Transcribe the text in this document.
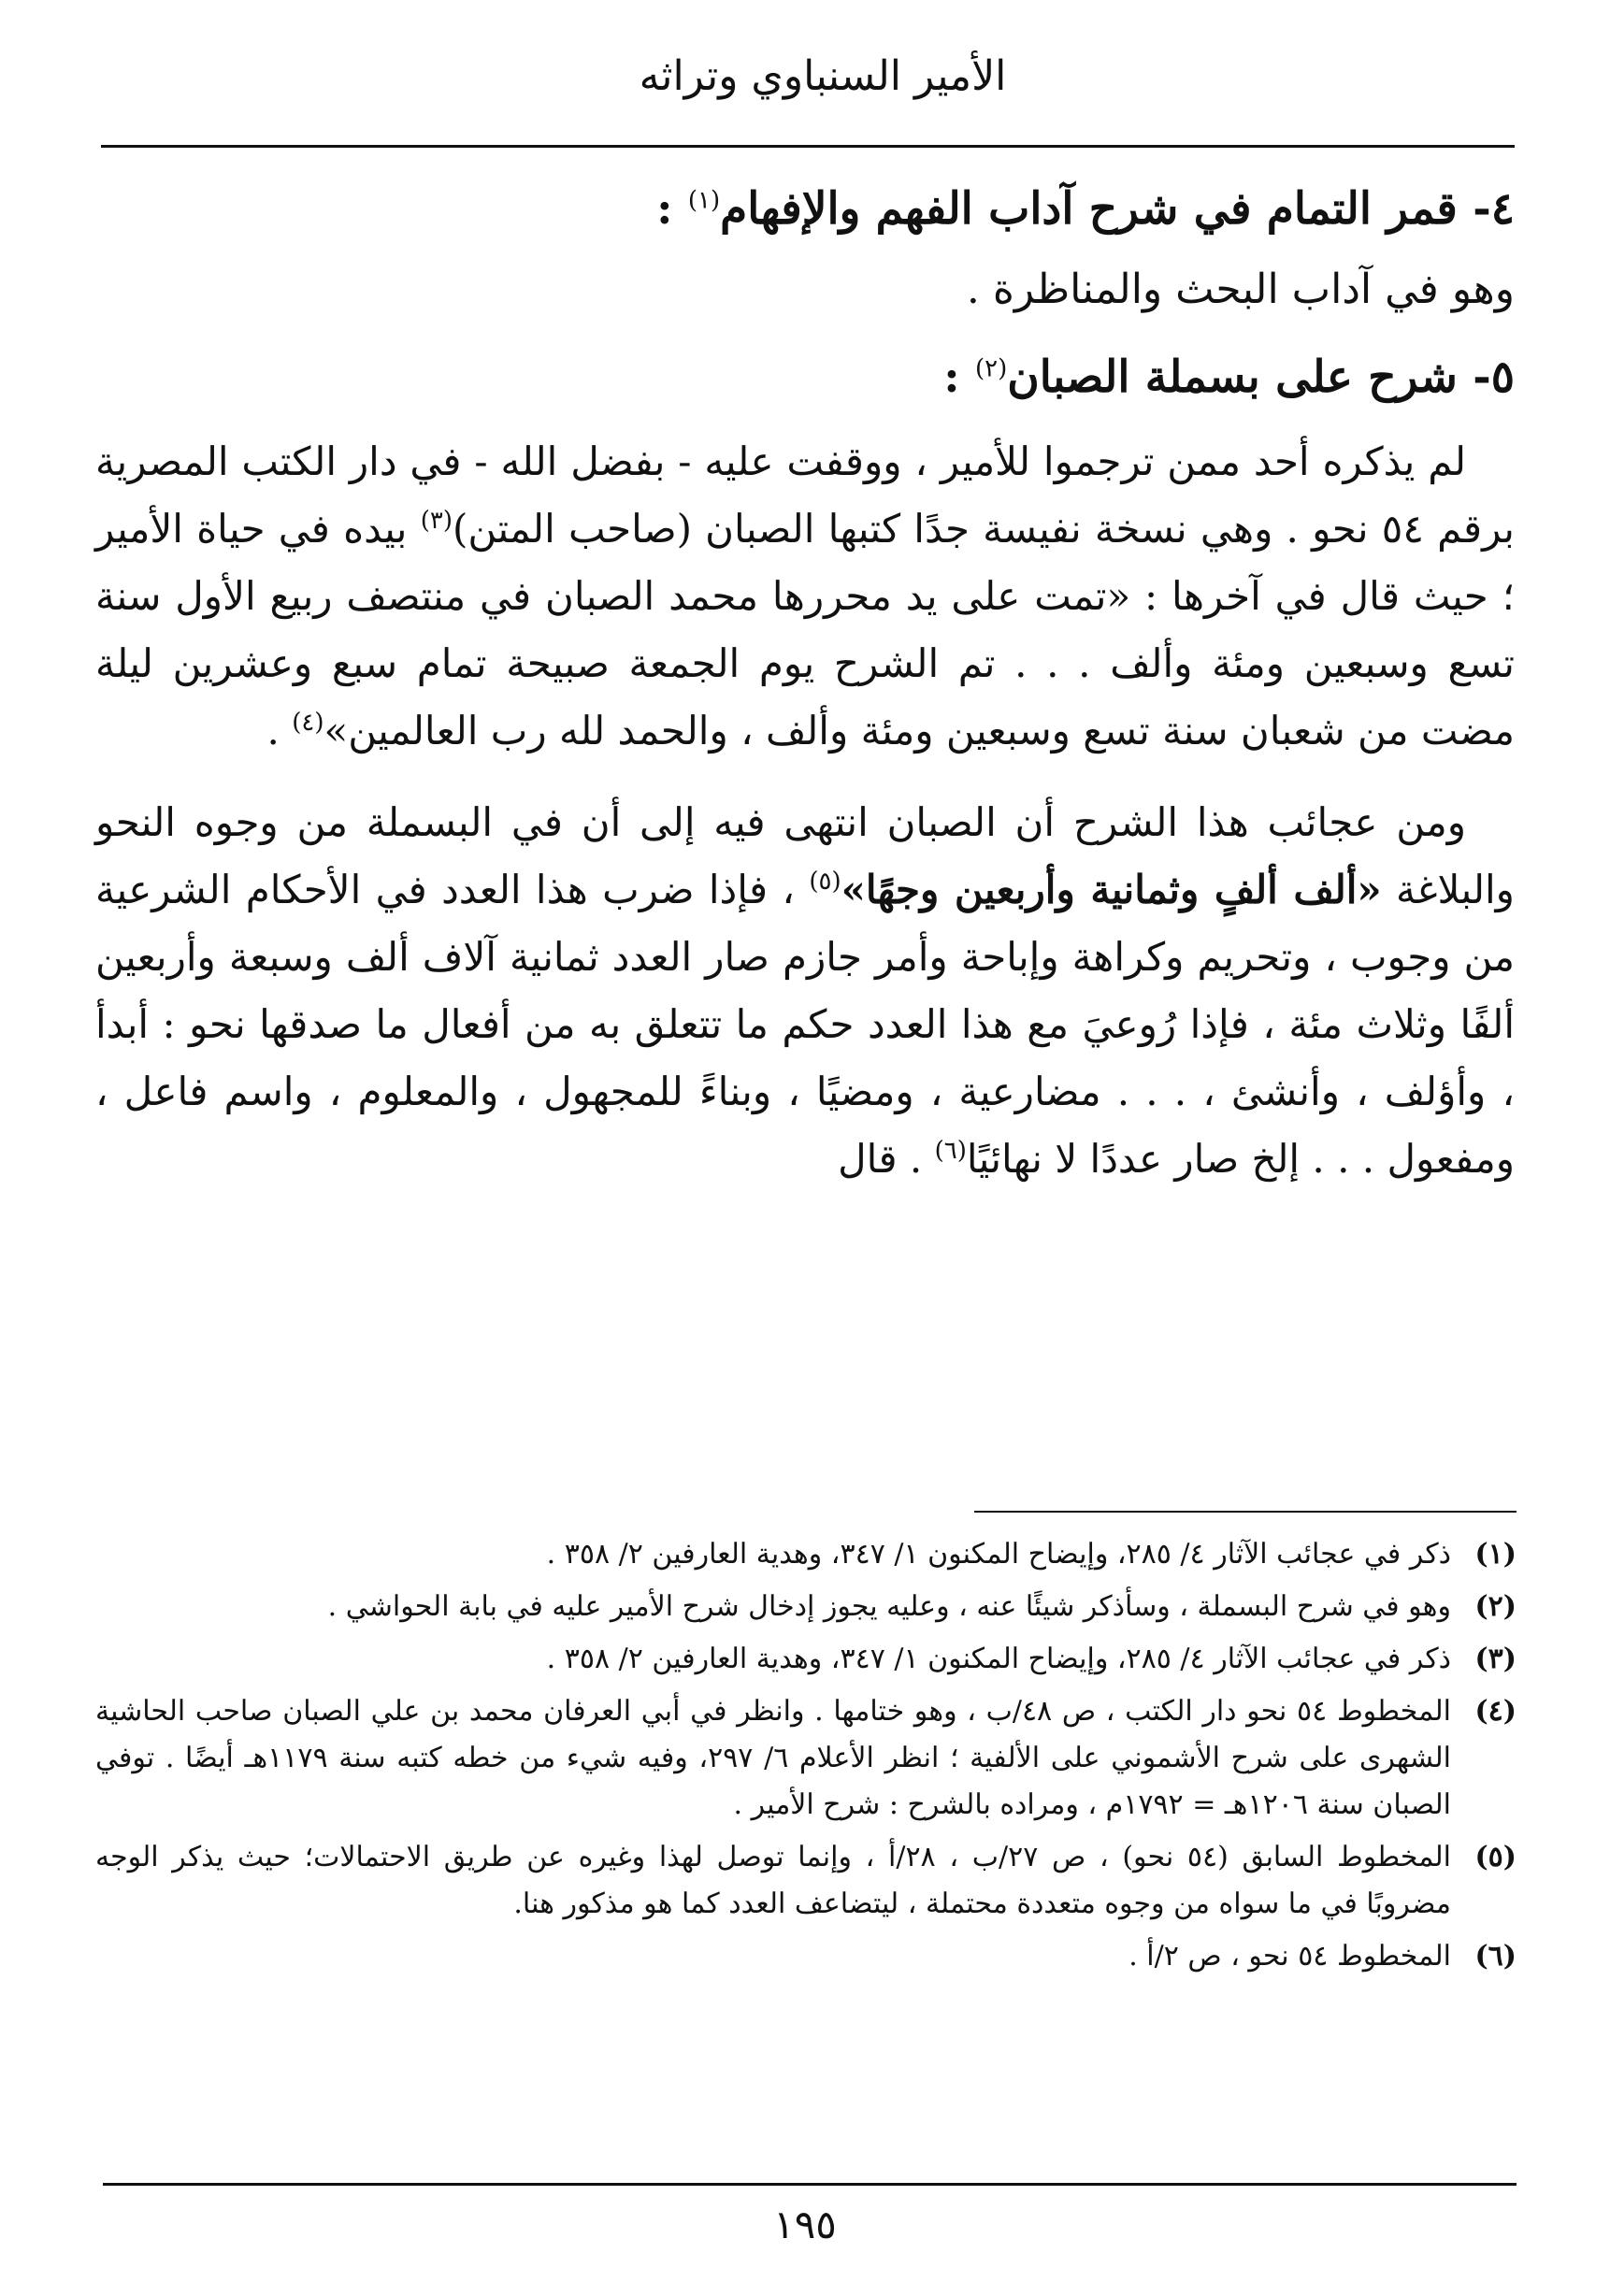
الأمير السنباوي وتراثه

٤- قمر التمام في شرح آداب الفهم والإفهام$^{(١)}$ :

وهو في آداب البحث والمناظرة .

٥- شرح على بسملة الصبان$^{(٢)}$ :

لم يذكره أحد ممن ترجموا للأمير ، ووقفت عليه - بفضل الله - في دار الكتب المصرية برقم ٥٤ نحو . وهي نسخة نفيسة جدًا كتبها الصبان (صاحب المتن)$^{(٣)}$ بيده في حياة الأمير ؛ حيث قال في آخرها : «تمت على يد محررها محمد الصبان في منتصف ربيع الأول سنة تسع وسبعين ومئة وألف . . . تم الشرح يوم الجمعة صبيحة تمام سبع وعشرين ليلة مضت من شعبان سنة تسع وسبعين ومئة وألف ، والحمد لله رب العالمين»$^{(٤)}$ .

ومن عجائب هذا الشرح أن الصبان انتهى فيه إلى أن في البسملة من وجوه النحو والبلاغة «ألف ألفٍ وثمانية وأربعين وجهًا»$^{(٥)}$ ، فإذا ضرب هذا العدد في الأحكام الشرعية من وجوب ، وتحريم وكراهة وإباحة وأمر جازم صار العدد ثمانية آلاف ألف وسبعة وأربعين ألفًا وثلاث مئة ، فإذا رُوعيَ مع هذا العدد حكم ما تتعلق به من أفعال ما صدقها نحو : أبدأ ، وأؤلف ، وأنشئ ، . . . مضارعية ، ومضيًا ، وبناءً للمجهول ، والمعلوم ، واسم فاعل ، ومفعول . . . إلخ صار عددًا لا نهائيًا$^{(٦)}$ . قال

(١)
ذكر في عجائب الآثار ٤/ ٢٨٥، وإيضاح المكنون ١/ ٣٤٧، وهدية العارفين ٢/ ٣٥٨ .
(٢)
وهو في شرح البسملة ، وسأذكر شيئًا عنه ، وعليه يجوز إدخال شرح الأمير عليه في بابة الحواشي .
(٣)
ذكر في عجائب الآثار ٤/ ٢٨٥، وإيضاح المكنون ١/ ٣٤٧، وهدية العارفين ٢/ ٣٥٨ .
(٤)
المخطوط ٥٤ نحو دار الكتب ، ص ٤٨/ب ، وهو ختامها . وانظر في أبي العرفان محمد بن علي الصبان صاحب الحاشية الشهرى على شرح الأشموني على الألفية ؛ انظر الأعلام ٦/ ٢٩٧، وفيه شيء من خطه كتبه سنة ١١٧٩هـ أيضًا . توفي الصبان سنة ١٢٠٦هـ = ١٧٩٢م ، ومراده بالشرح : شرح الأمير .
(٥)
المخطوط السابق (٥٤ نحو) ، ص ٢٧/ب ، ٢٨/أ ، وإنما توصل لهذا وغيره عن طريق الاحتمالات؛ حيث يذكر الوجه مضروبًا في ما سواه من وجوه متعددة محتملة ، ليتضاعف العدد كما هو مذكور هنا.
(٦)
المخطوط ٥٤ نحو ، ص ٢/أ .
١٩٥
